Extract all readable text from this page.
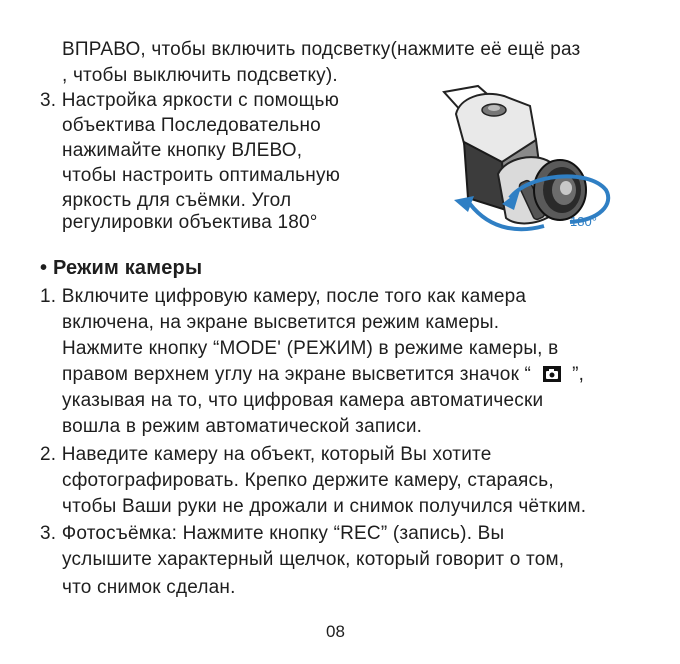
ВПРАВО, чтобы включить подсветку(нажмите её ещё раз
, чтобы выключить подсветку).
3. Настройка яркости с помощью
объектива Последовательно
нажимайте кнопку ВЛЕВО,
чтобы настроить оптимальную
яркость для съёмки. Угол
регулировки объектива 180°	180°
• Режим камеры
1. Включите цифровую камеру, после того как камера
включена, на экране высветится режим камеры.
Нажмите кнопку “MODE' (РЕЖИМ) в режиме камеры, в
правом верхнем углу на экране высветится значок “ ”,
указывая на то, что цифровая камера автоматически
вошла в режим автоматической записи.
2. Наведите камеру на объект, который Вы хотите
сфотографировать. Крепко держите камеру, стараясь,
чтобы Ваши руки не дрожали и снимок получился чётким.
3. Фотосъёмка: Нажмите кнопку “REC” (запись). Вы
услышите характерный щелчок, который говорит о том,
что снимок сделан.
08
